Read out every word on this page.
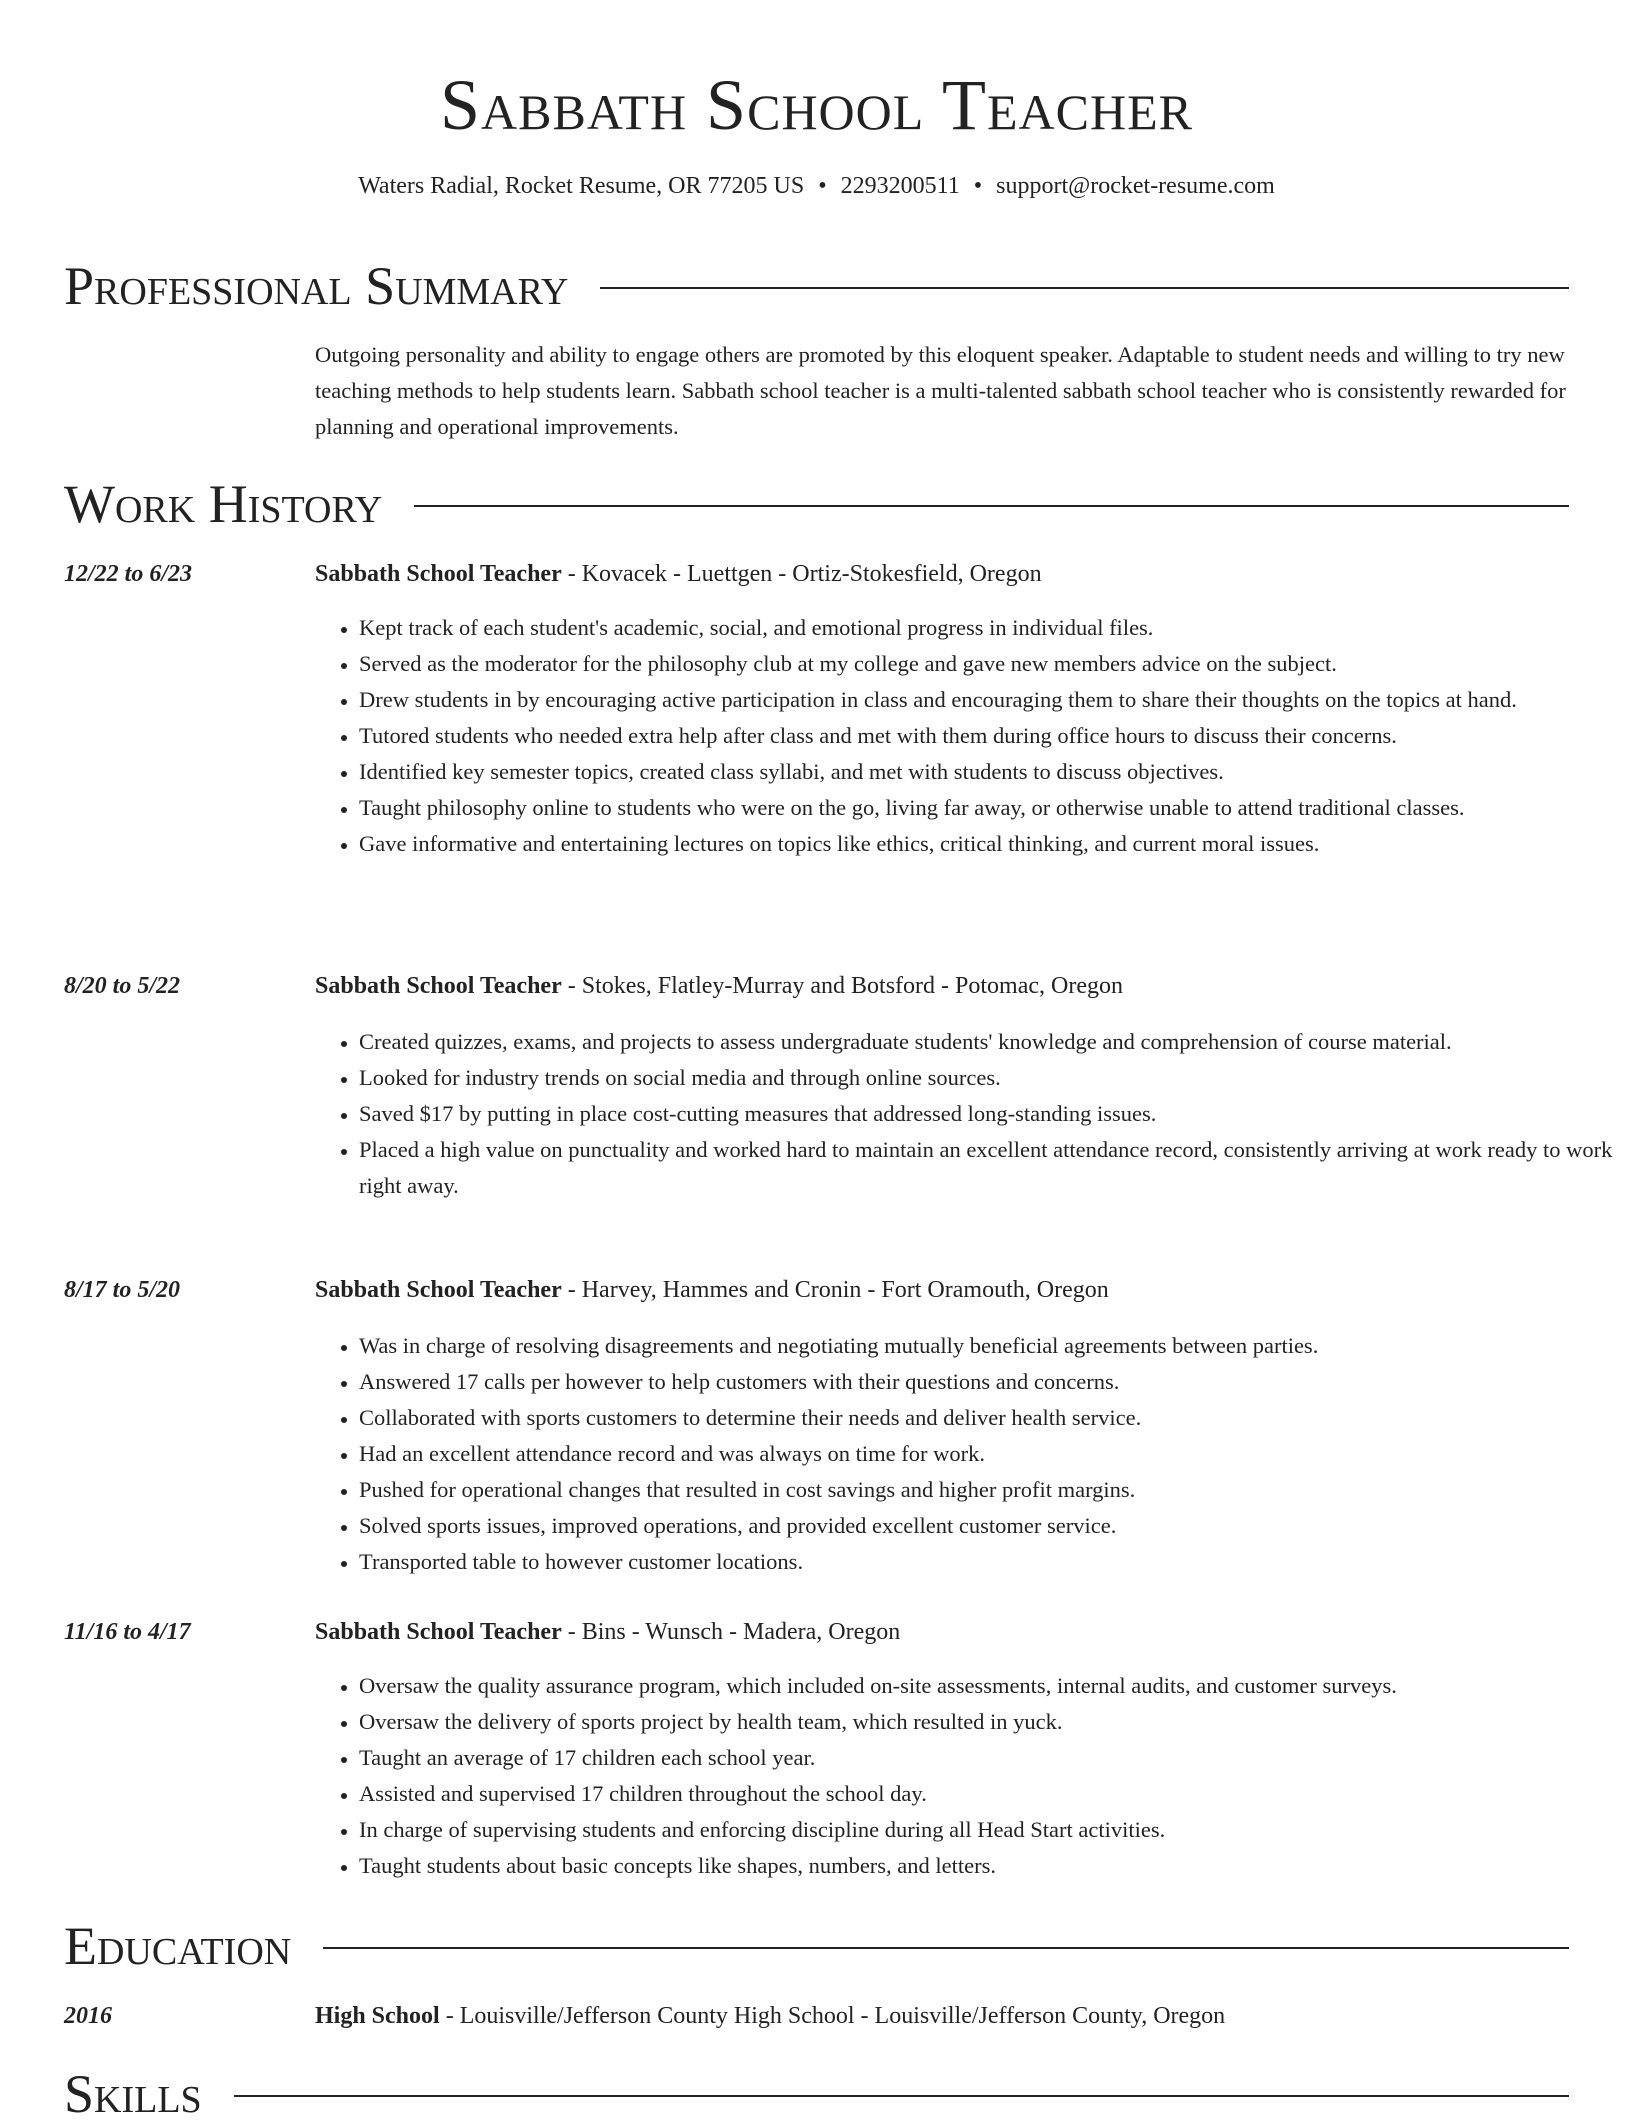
Sabbath School Teacher
Waters Radial, Rocket Resume, OR 77205 US • 2293200511 • support@rocket-resume.com
Professional Summary
Outgoing personality and ability to engage others are promoted by this eloquent speaker. Adaptable to student needs and willing to try new teaching methods to help students learn. Sabbath school teacher is a multi-talented sabbath school teacher who is consistently rewarded for planning and operational improvements.
Work History
12/22 to 6/23	Sabbath School Teacher - Kovacek - Luettgen - Ortiz-Stokesfield, Oregon
• Kept track of each student's academic, social, and emotional progress in individual files.
• Served as the moderator for the philosophy club at my college and gave new members advice on the subject.
• Drew students in by encouraging active participation in class and encouraging them to share their thoughts on the topics at hand.
• Tutored students who needed extra help after class and met with them during office hours to discuss their concerns.
• Identified key semester topics, created class syllabi, and met with students to discuss objectives.
• Taught philosophy online to students who were on the go, living far away, or otherwise unable to attend traditional classes.
• Gave informative and entertaining lectures on topics like ethics, critical thinking, and current moral issues.
8/20 to 5/22	Sabbath School Teacher - Stokes, Flatley-Murray and Botsford - Potomac, Oregon
• Created quizzes, exams, and projects to assess undergraduate students' knowledge and comprehension of course material.
• Looked for industry trends on social media and through online sources.
• Saved $17 by putting in place cost-cutting measures that addressed long-standing issues.
• Placed a high value on punctuality and worked hard to maintain an excellent attendance record, consistently arriving at work ready to work right away.
8/17 to 5/20	Sabbath School Teacher - Harvey, Hammes and Cronin - Fort Oramouth, Oregon
• Was in charge of resolving disagreements and negotiating mutually beneficial agreements between parties.
• Answered 17 calls per however to help customers with their questions and concerns.
• Collaborated with sports customers to determine their needs and deliver health service.
• Had an excellent attendance record and was always on time for work.
• Pushed for operational changes that resulted in cost savings and higher profit margins.
• Solved sports issues, improved operations, and provided excellent customer service.
• Transported table to however customer locations.
11/16 to 4/17	Sabbath School Teacher - Bins - Wunsch - Madera, Oregon
• Oversaw the quality assurance program, which included on-site assessments, internal audits, and customer surveys.
• Oversaw the delivery of sports project by health team, which resulted in yuck.
• Taught an average of 17 children each school year.
• Assisted and supervised 17 children throughout the school day.
• In charge of supervising students and enforcing discipline during all Head Start activities.
• Taught students about basic concepts like shapes, numbers, and letters.
Education
2016	High School - Louisville/Jefferson County High School - Louisville/Jefferson County, Oregon
Skills
